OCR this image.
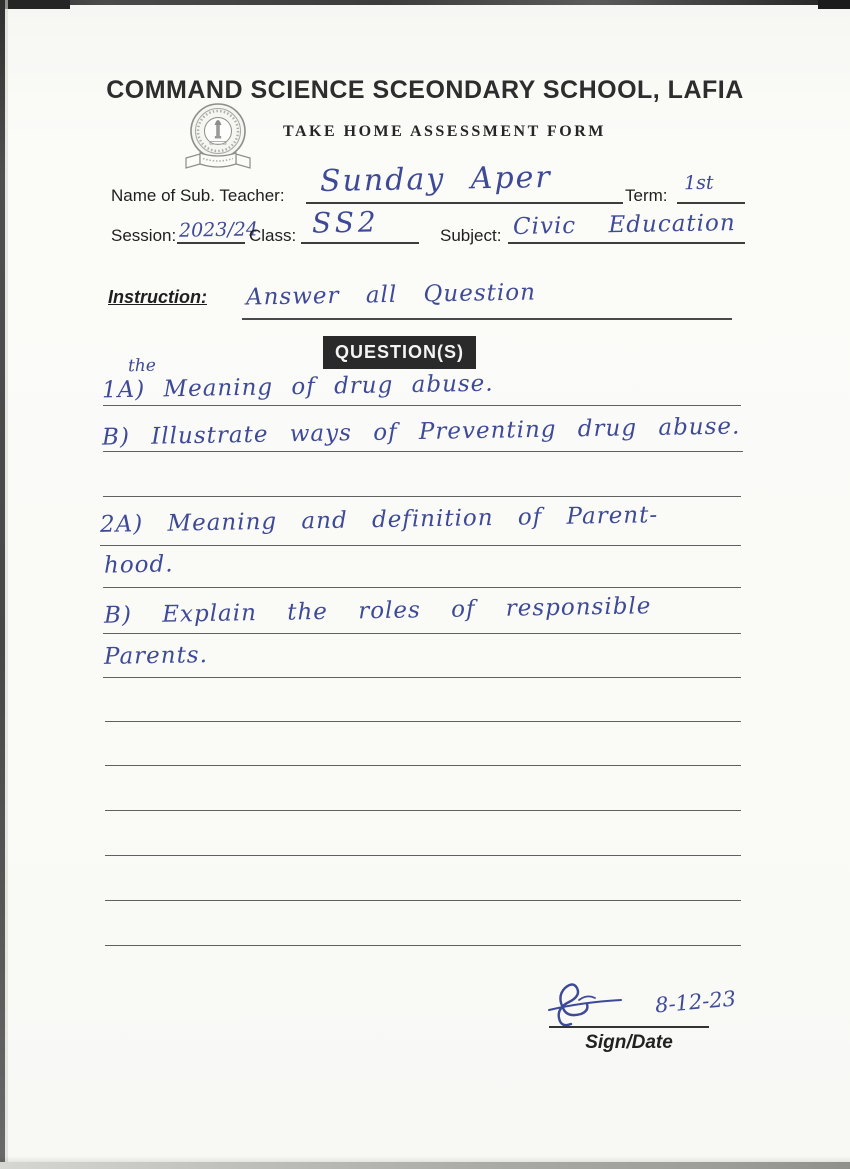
COMMAND SCIENCE SCEONDARY SCHOOL, LAFIA
TAKE HOME ASSESSMENT FORM
Name of Sub. Teacher: Sunday Aper	Term:
1st
Session: 2023/24
Class: SS2	Subject: Civic Education
Instruction: Answer all Question
QUESTION(S)
the
1A) Meaning of drug abuse.
B) Illustrate ways of Preventing drug abuse.
2A) Meaning and definition of Parent-
hood.
B) Explain the roles of responsible
Parents.
8-12-23
Sign/Date
